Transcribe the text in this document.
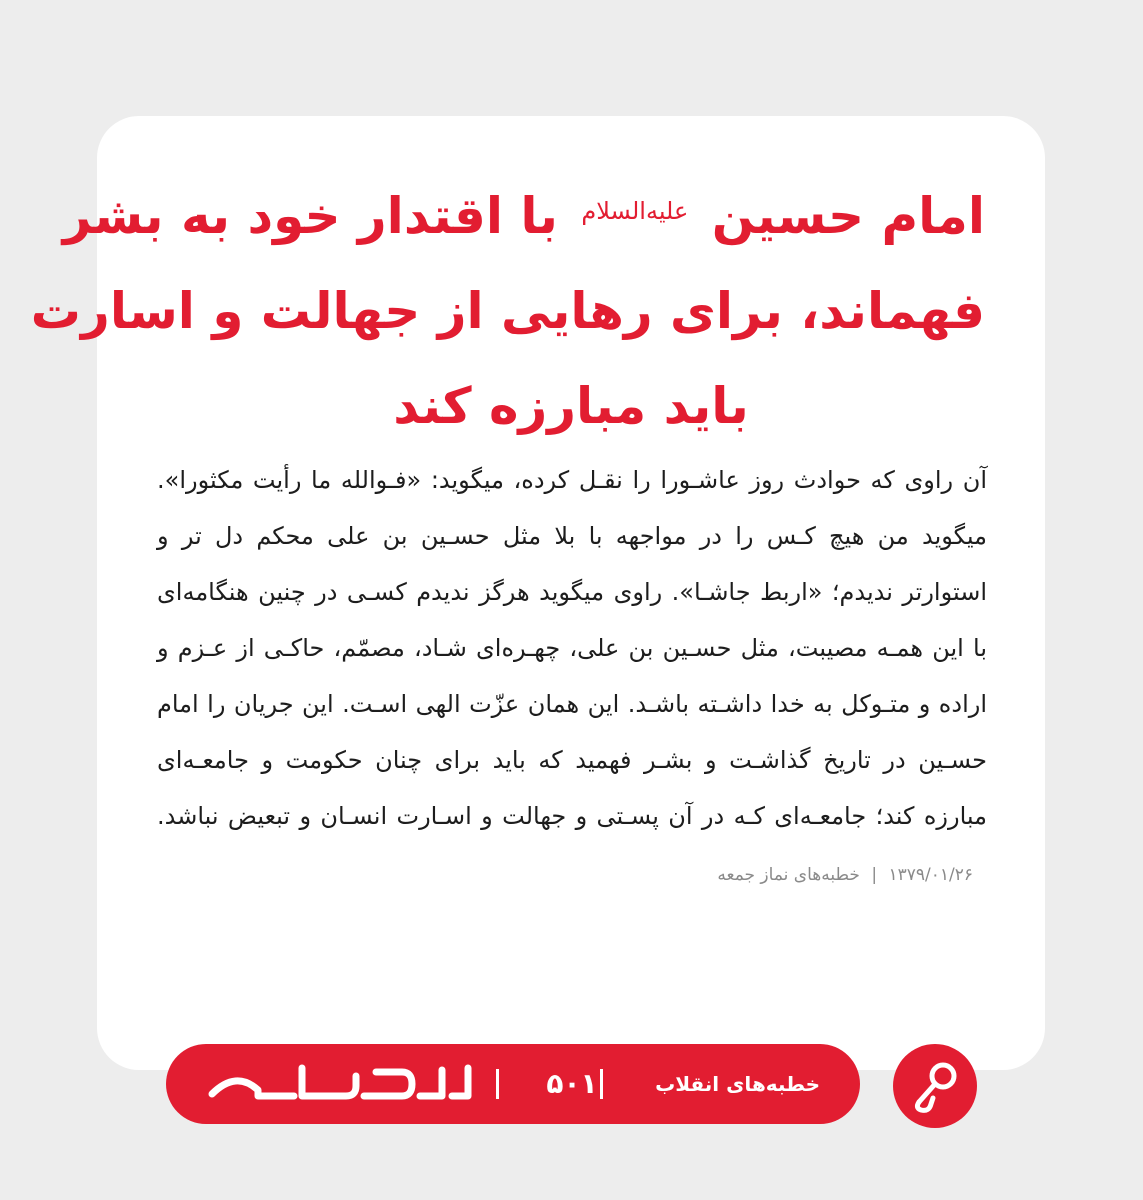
امام حسین $^{علیه‌السلام}$ با اقتدار خود به بشر
فهماند، برای رهایی از جهالت و اسارت
باید مبارزه کند

آن راوی که حوادث روز عاشـورا را نقـل کرده، میگوید: «فـوالله ما رأیت مکثورا». میگوید من هیچ کـس را در مواجهه با بلا مثل حسـین بن علی محکم‌ دل‌ تر و استوارتر ندیدم؛ «اربط جاشـا». راوی میگوید هرگز ندیدم کسـی در چنین هنگامه‌ای با این همـه مصیبت، مثل حسـین بن‌ علی، چهـره‌ای شـاد، مصمّم، حاکـی از عـزم و اراده و متـوکل به خدا داشـته باشـد. این همان عزّت الهی اسـت. این جریان را امام حسـین در تاریخ گذاشـت و بشـر فهمید که باید برای چنان حکومت و جامعـه‌ای مبارزه کند؛ جامعـه‌ای کـه در آن پسـتی و جهالت و اسـارت انسـان و تبعیض نباشد. ۱۳۷۹/۰۱/۲۶ | خطبه‌های نماز جمعه

خطبه‌های انقلاب
۵۰۱
